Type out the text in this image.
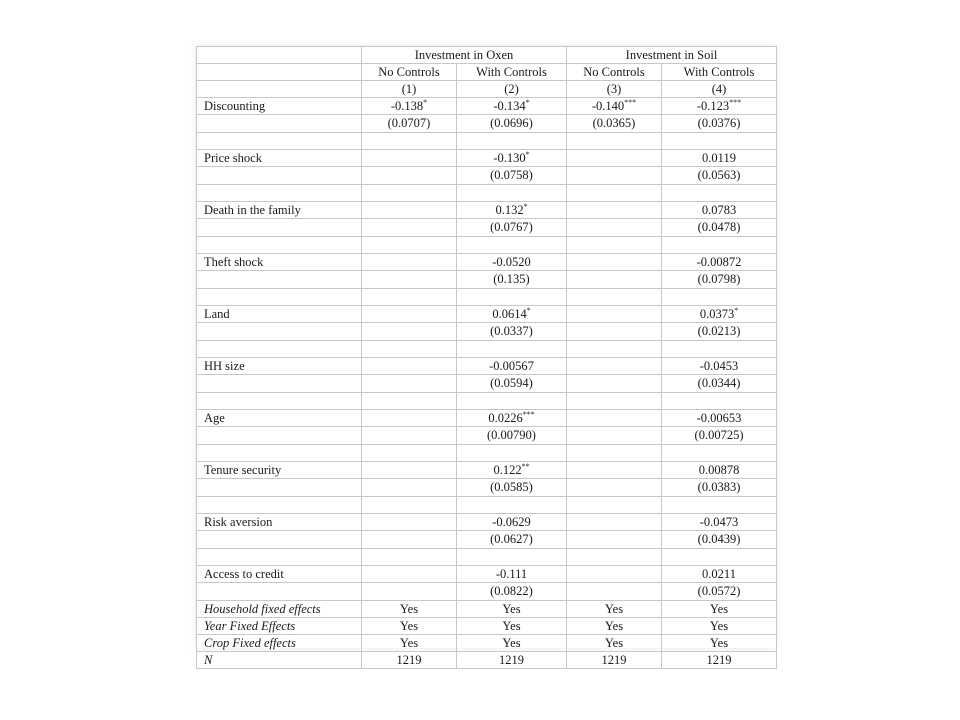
	Investment in Oxen		Investment in Soil	
	No Controls	With Controls	No Controls	With Controls
	(1)	(2)	(3)	(4)
Discounting	-0.138*	-0.134*	-0.140***	-0.123***
	(0.0707)	(0.0696)	(0.0365)	(0.0376)

Price shock		-0.130*		0.0119
		(0.0758)		(0.0563)

Death in the family		0.132*		0.0783
		(0.0767)		(0.0478)

Theft shock		-0.0520		-0.00872
		(0.135)		(0.0798)

Land		0.0614*		0.0373*
		(0.0337)		(0.0213)

HH size		-0.00567		-0.0453
		(0.0594)		(0.0344)

Age		0.0226***		-0.00653
		(0.00790)		(0.00725)

Tenure security		0.122**		0.00878
		(0.0585)		(0.0383)

Risk aversion		-0.0629		-0.0473
		(0.0627)		(0.0439)

Access to credit		-0.111		0.0211
		(0.0822)		(0.0572)
Household fixed effects	Yes	Yes	Yes	Yes
Year Fixed Effects	Yes	Yes	Yes	Yes
Crop Fixed effects	Yes	Yes	Yes	Yes
N	1219	1219	1219	1219
